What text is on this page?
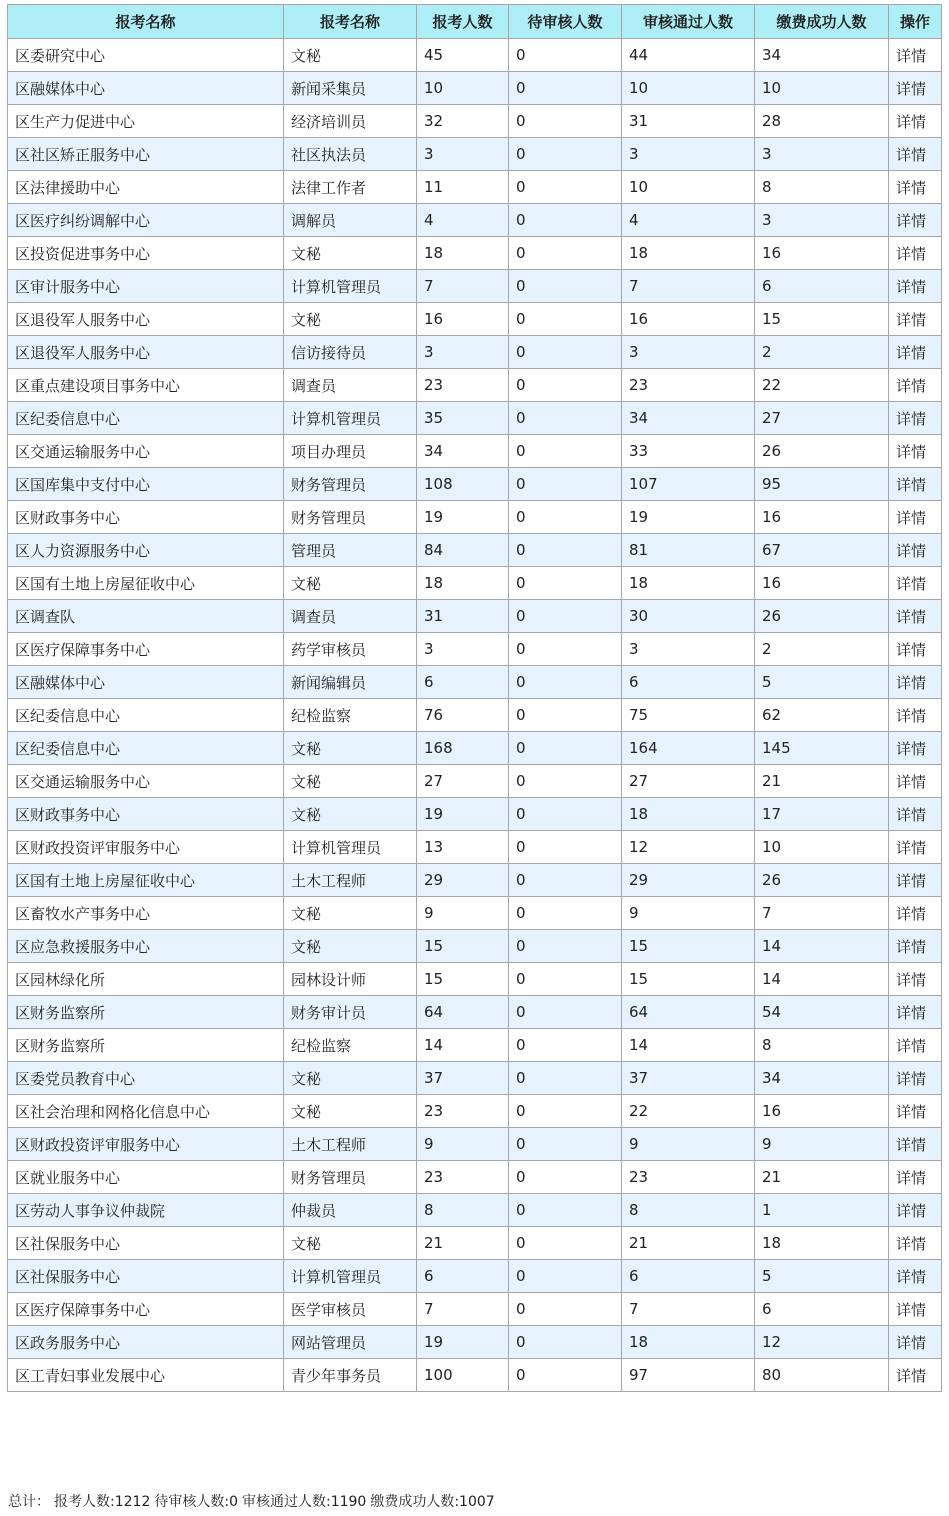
报考名称	报考名称	报考人数	待审核人数	审核通过人数	缴费成功人数	操作
区委研究中心	文秘	45	0	44	34	详情
区融媒体中心	新闻采集员	10	0	10	10	详情
区生产力促进中心	经济培训员	32	0	31	28	详情
区社区矫正服务中心	社区执法员	3	0	3	3	详情
区法律援助中心	法律工作者	11	0	10	8	详情
区医疗纠纷调解中心	调解员	4	0	4	3	详情
区投资促进事务中心	文秘	18	0	18	16	详情
区审计服务中心	计算机管理员	7	0	7	6	详情
区退役军人服务中心	文秘	16	0	16	15	详情
区退役军人服务中心	信访接待员	3	0	3	2	详情
区重点建设项目事务中心	调查员	23	0	23	22	详情
区纪委信息中心	计算机管理员	35	0	34	27	详情
区交通运输服务中心	项目办理员	34	0	33	26	详情
区国库集中支付中心	财务管理员	108	0	107	95	详情
区财政事务中心	财务管理员	19	0	19	16	详情
区人力资源服务中心	管理员	84	0	81	67	详情
区国有土地上房屋征收中心	文秘	18	0	18	16	详情
区调查队	调查员	31	0	30	26	详情
区医疗保障事务中心	药学审核员	3	0	3	2	详情
区融媒体中心	新闻编辑员	6	0	6	5	详情
区纪委信息中心	纪检监察	76	0	75	62	详情
区纪委信息中心	文秘	168	0	164	145	详情
区交通运输服务中心	文秘	27	0	27	21	详情
区财政事务中心	文秘	19	0	18	17	详情
区财政投资评审服务中心	计算机管理员	13	0	12	10	详情
区国有土地上房屋征收中心	土木工程师	29	0	29	26	详情
区畜牧水产事务中心	文秘	9	0	9	7	详情
区应急救援服务中心	文秘	15	0	15	14	详情
区园林绿化所	园林设计师	15	0	15	14	详情
区财务监察所	财务审计员	64	0	64	54	详情
区财务监察所	纪检监察	14	0	14	8	详情
区委党员教育中心	文秘	37	0	37	34	详情
区社会治理和网格化信息中心	文秘	23	0	22	16	详情
区财政投资评审服务中心	土木工程师	9	0	9	9	详情
区就业服务中心	财务管理员	23	0	23	21	详情
区劳动人事争议仲裁院	仲裁员	8	0	8	1	详情
区社保服务中心	文秘	21	0	21	18	详情
区社保服务中心	计算机管理员	6	0	6	5	详情
区医疗保障事务中心	医学审核员	7	0	7	6	详情
区政务服务中心	网站管理员	19	0	18	12	详情
区工青妇事业发展中心	青少年事务员	100	0	97	80	详情
总计： 报考人数:1212 待审核人数:0 审核通过人数:1190 缴费成功人数:1007
